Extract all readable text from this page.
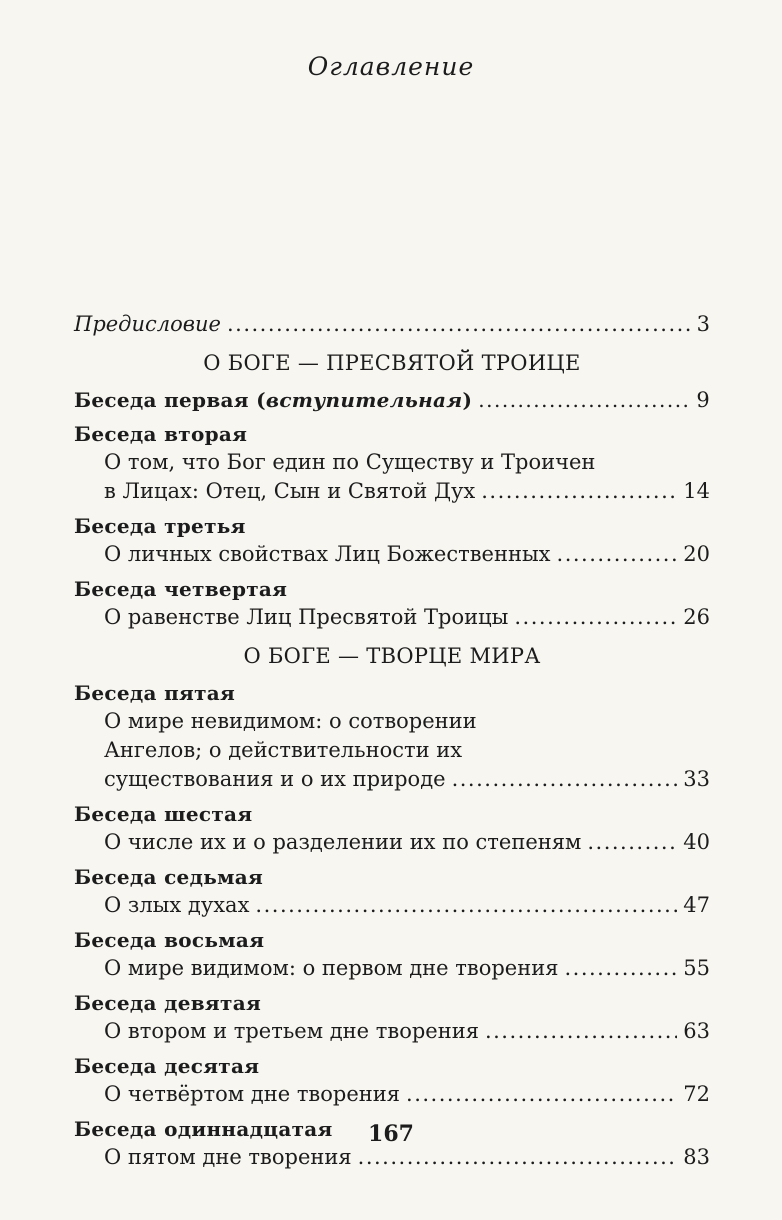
Оглавление
Предисловие .....	3
О БОГЕ — ПРЕСВЯТОЙ ТРОИЦЕ
Беседа первая (вступительная) .....	9
Беседа вторая
О том, что Бог един по Существу и Троичен
в Лицах: Отец, Сын и Святой Дух .....	14
Беседа третья
О личных свойствах Лиц Божественных .....	20
Беседа четвертая
О равенстве Лиц Пресвятой Троицы .....	26
О БОГЕ — ТВОРЦЕ МИРА
Беседа пятая
О мире невидимом: о сотворении
Ангелов; о действительности их
существования и о их природе .....	33
Беседа шестая
О числе их и о разделении их по степеням .....	40
Беседа седьмая
О злых духах .....	47
Беседа восьмая
О мире видимом: о первом дне творения .....	55
Беседа девятая
О втором и третьем дне творения .....	63
Беседа десятая
О четвёртом дне творения .....	72
Беседа одиннадцатая
О пятом дне творения .....	83
167
